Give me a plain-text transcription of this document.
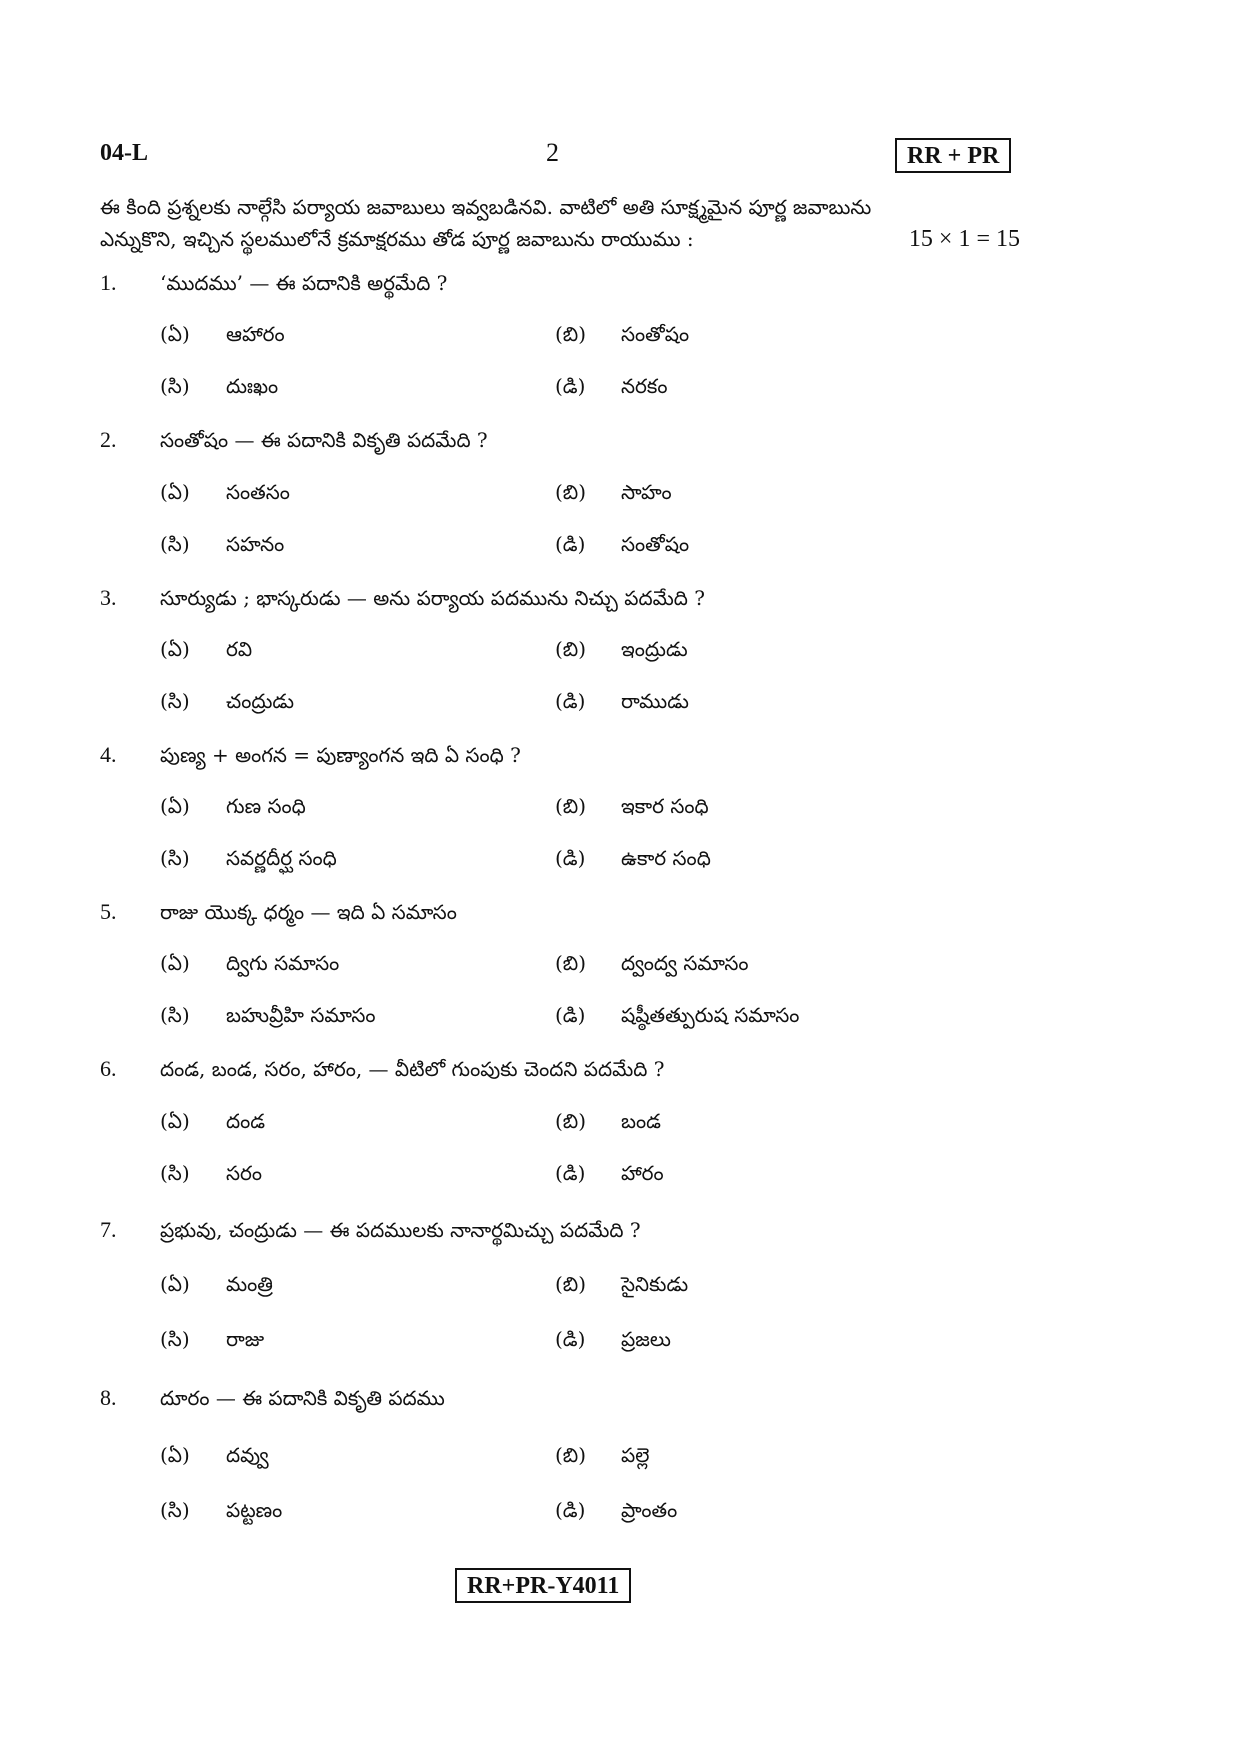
04-L	2	RR + PR
ఈ కింది ప్రశ్నలకు నాల్గేసి పర్యాయ జవాబులు ఇవ్వబడినవి. వాటిలో అతి సూక్ష్మమైన పూర్ణ జవాబును
ఎన్నుకొని, ఇచ్చిన స్థలములోనే క్రమాక్షరము తోడ పూర్ణ జవాబును రాయుము :	15 × 1 = 15
1. ‘ముదము’ — ఈ పదానికి అర్థమేది ?
(ఏ) ఆహారం	(బి) సంతోషం
(సి) దుఃఖం	(డి) నరకం
2. సంతోషం — ఈ పదానికి వికృతి పదమేది ?
(ఏ) సంతసం	(బి) సాహం
(సి) సహనం	(డి) సంతోషం
3. సూర్యుడు ; భాస్కరుడు — అను పర్యాయ పదమును నిచ్చు పదమేది ?
(ఏ) రవి	(బి) ఇంద్రుడు
(సి) చంద్రుడు	(డి) రాముడు
4. పుణ్య + అంగన = పుణ్యాంగన ఇది ఏ సంధి ?
(ఏ) గుణ సంధి	(బి) ఇకార సంధి
(సి) సవర్ణదీర్ఘ సంధి	(డి) ఉకార సంధి
5. రాజు యొక్క ధర్మం — ఇది ఏ సమాసం
(ఏ) ద్విగు సమాసం	(బి) ద్వంద్వ సమాసం
(సి) బహువ్రీహి సమాసం	(డి) షష్ఠీతత్పురుష సమాసం
6. దండ, బండ, సరం, హారం, — వీటిలో గుంపుకు చెందని పదమేది ?
(ఏ) దండ	(బి) బండ
(సి) సరం	(డి) హారం
7. ప్రభువు, చంద్రుడు — ఈ పదములకు నానార్థమిచ్చు పదమేది ?
(ఏ) మంత్రి	(బి) సైనికుడు
(సి) రాజు	(డి) ప్రజలు
8. దూరం — ఈ పదానికి వికృతి పదము
(ఏ) దవ్వు	(బి) పల్లె
(సి) పట్టణం	(డి) ప్రాంతం
RR+PR-Y4011
